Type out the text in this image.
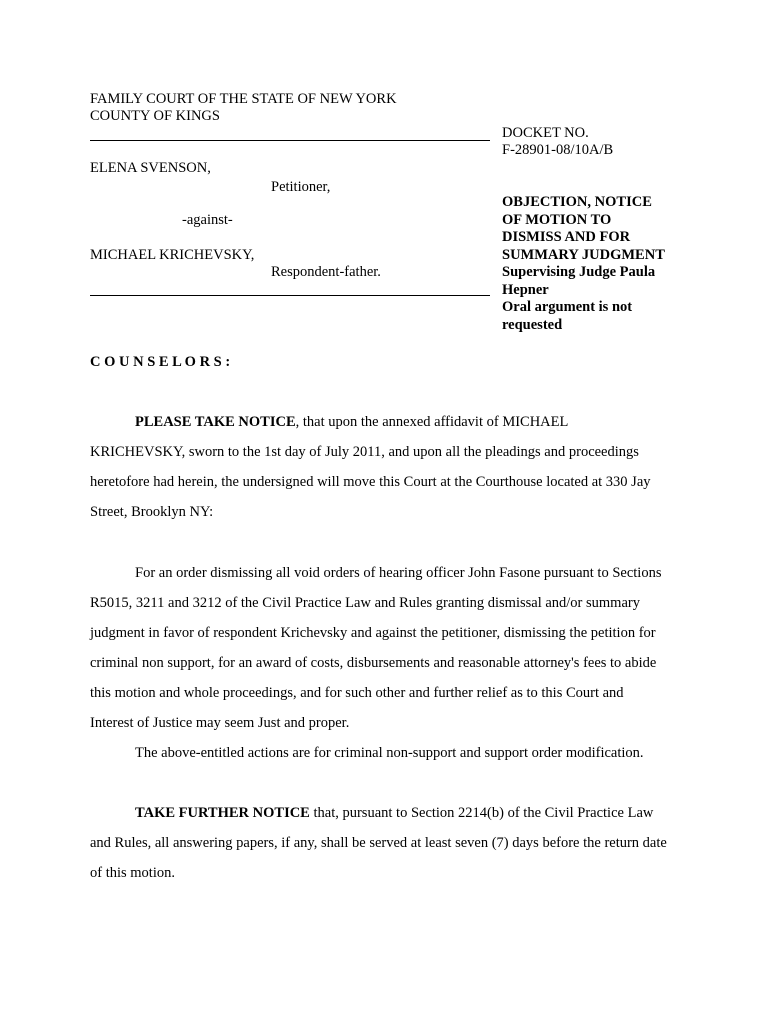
FAMILY COURT OF THE STATE OF NEW YORK
COUNTY OF KINGS
DOCKET NO.
F-28901-08/10A/B
ELENA SVENSON,
Petitioner,
-against-
MICHAEL KRICHEVSKY,
Respondent-father.
OBJECTION, NOTICE
OF MOTION TO
DISMISS AND FOR
SUMMARY JUDGMENT
Supervising Judge Paula
Hepner
Oral argument is not
requested
C O U N S E L O R S :
PLEASE TAKE NOTICE, that upon the annexed affidavit of MICHAEL
KRICHEVSKY, sworn to the 1st day of July 2011, and upon all the pleadings and proceedings
heretofore had herein, the undersigned will move this Court at the Courthouse located at 330 Jay
Street, Brooklyn NY:
For an order dismissing all void orders of hearing officer John Fasone pursuant to Sections
R5015, 3211 and 3212 of the Civil Practice Law and Rules granting dismissal and/or summary
judgment in favor of respondent Krichevsky and against the petitioner, dismissing the petition for
criminal non support, for an award of costs, disbursements and reasonable attorney's fees to abide
this motion and whole proceedings, and for such other and further relief as to this Court and
Interest of Justice may seem Just and proper.
The above-entitled actions are for criminal non-support and support order modification.
TAKE FURTHER NOTICE that, pursuant to Section 2214(b) of the Civil Practice Law
and Rules, all answering papers, if any, shall be served at least seven (7) days before the return date
of this motion.
